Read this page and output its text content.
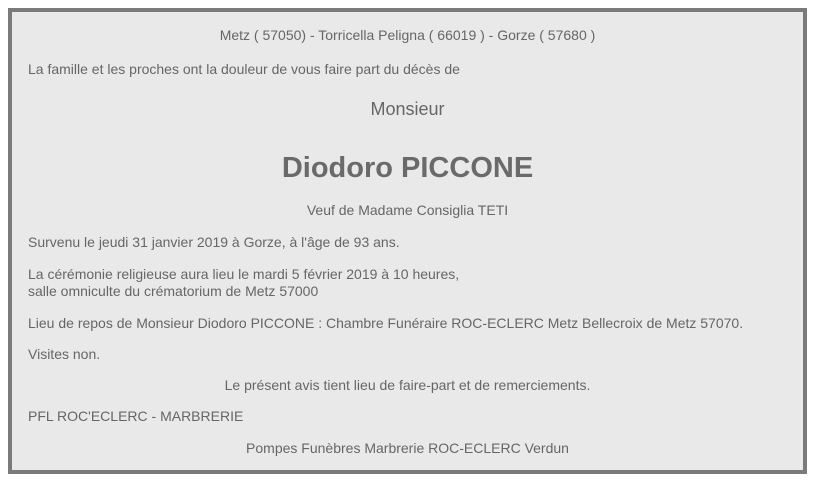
Metz ( 57050) - Torricella Peligna ( 66019 ) - Gorze ( 57680 )
La famille et les proches ont la douleur de vous faire part du décès de
Monsieur
Diodoro PICCONE
Veuf de Madame Consiglia TETI
Survenu le jeudi 31 janvier 2019 à Gorze, à l'âge de 93 ans.
La cérémonie religieuse aura lieu le mardi 5 février 2019 à 10 heures,
salle omniculte du crématorium de Metz 57000
Lieu de repos de Monsieur Diodoro PICCONE : Chambre Funéraire ROC-ECLERC Metz Bellecroix de Metz 57070.
Visites non.
Le présent avis tient lieu de faire-part et de remerciements.
PFL ROC'ECLERC - MARBRERIE
Pompes Funèbres Marbrerie ROC-ECLERC Verdun
